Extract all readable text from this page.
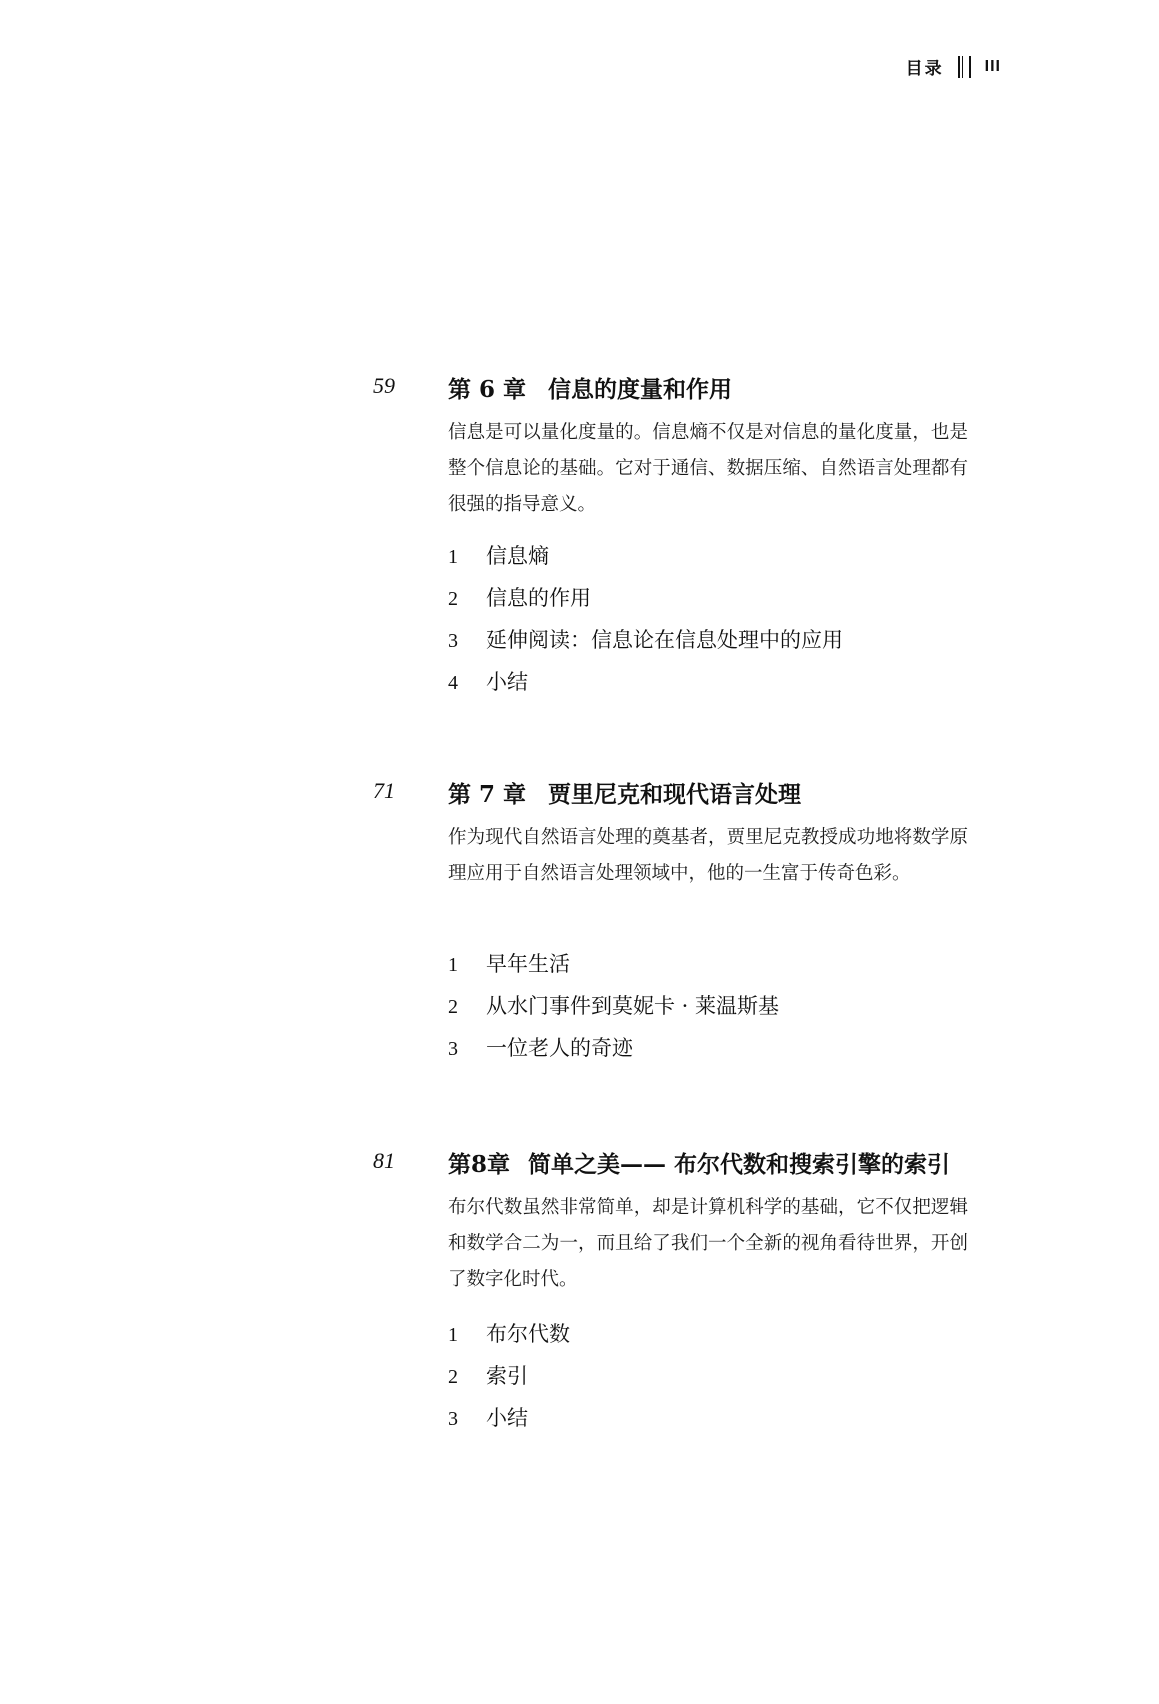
目录	III
59 第 6 章 信息的度量和作用
信息是可以量化度量的。信息熵不仅是对信息的量化度量，也是整个信息论的基础。它对于通信、数据压缩、自然语言处理都有很强的指导意义。
1 信息熵
2 信息的作用
3 延伸阅读：信息论在信息处理中的应用
4 小结
71 第 7 章 贾里尼克和现代语言处理
作为现代自然语言处理的奠基者，贾里尼克教授成功地将数学原理应用于自然语言处理领域中，他的一生富于传奇色彩。
1 早年生活
2 从水门事件到莫妮卡 · 莱温斯基
3 一位老人的奇迹
81 第8章 简单之美—— 布尔代数和搜索引擎的索引
布尔代数虽然非常简单，却是计算机科学的基础，它不仅把逻辑和数学合二为一，而且给了我们一个全新的视角看待世界，开创了数字化时代。
1 布尔代数
2 索引
3 小结
